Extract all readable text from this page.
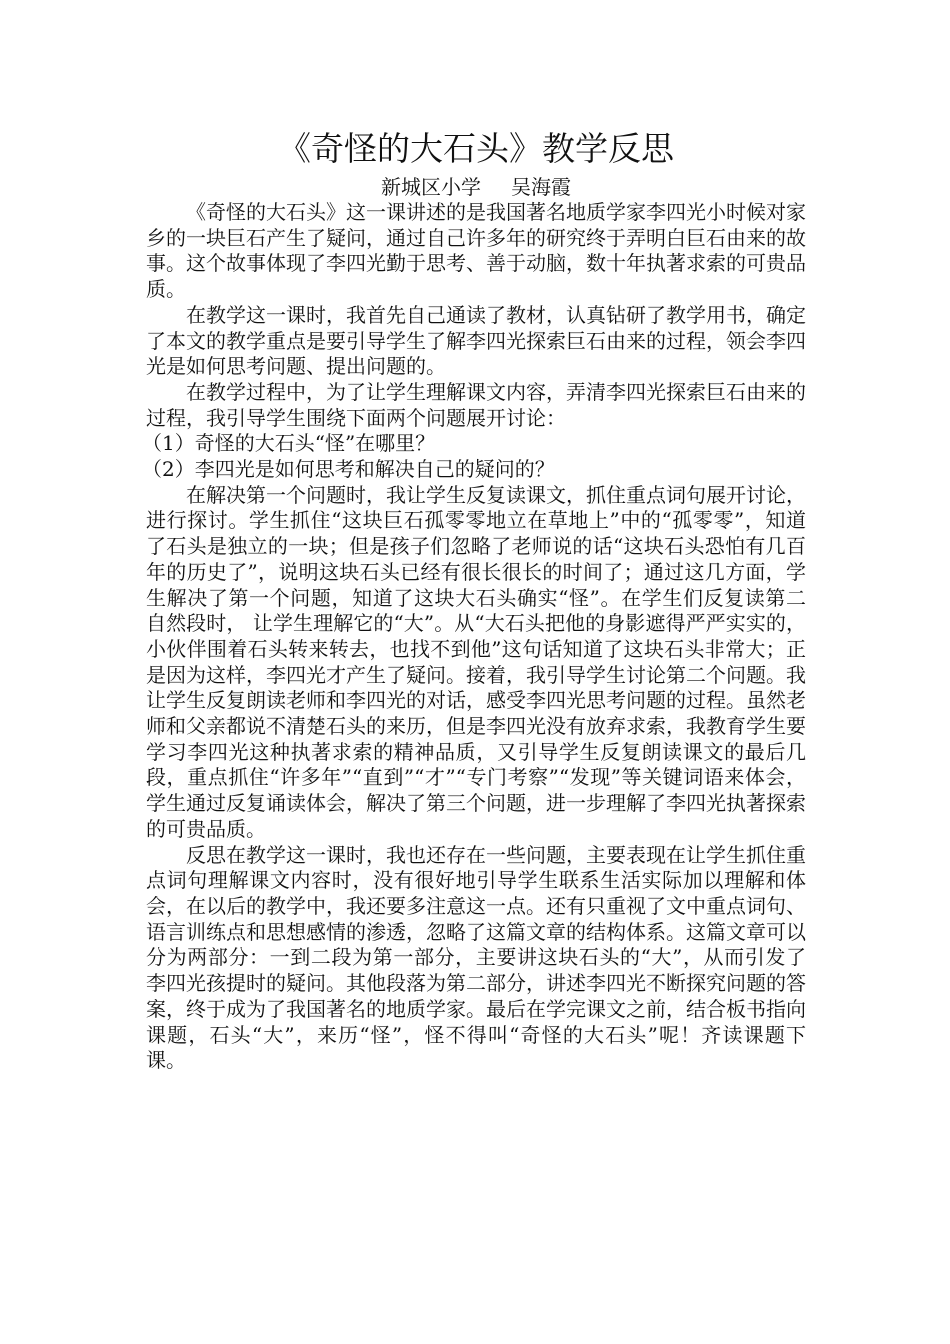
《奇怪的大石头》教学反思

新城区小学 吴海霞

《奇怪的大石头》这一课讲述的是我国著名地质学家李四光小时候对家乡的一块巨石产生了疑问，通过自己许多年的研究终于弄明白巨石由来的故事。这个故事体现了李四光勤于思考、善于动脑，数十年执著求索的可贵品质。

在教学这一课时，我首先自己通读了教材，认真钻研了教学用书，确定了本文的教学重点是要引导学生了解李四光探索巨石由来的过程，领会李四光是如何思考问题、提出问题的。

在教学过程中，为了让学生理解课文内容，弄清李四光探索巨石由来的过程，我引导学生围绕下面两个问题展开讨论：

（1）奇怪的大石头“怪”在哪里？

（2）李四光是如何思考和解决自己的疑问的？

在解决第一个问题时，我让学生反复读课文，抓住重点词句展开讨论，进行探讨。学生抓住“这块巨石孤零零地立在草地上”中的“孤零零”，知道了石头是独立的一块；但是孩子们忽略了老师说的话“这块石头恐怕有几百年的历史了”，说明这块石头已经有很长很长的时间了；通过这几方面，学生解决了第一个问题，知道了这块大石头确实“怪”。在学生们反复读第二自然段时， 让学生理解它的“大”。从“大石头把他的身影遮得严严实实的，小伙伴围着石头转来转去，也找不到他”这句话知道了这块石头非常大；正是因为这样，李四光才产生了疑问。接着，我引导学生讨论第二个问题。我让学生反复朗读老师和李四光的对话，感受李四光思考问题的过程。虽然老师和父亲都说不清楚石头的来历，但是李四光没有放弃求索，我教育学生要学习李四光这种执著求索的精神品质，又引导学生反复朗读课文的最后几段，重点抓住“许多年”“直到”“才”“专门考察”“发现”等关键词语来体会，学生通过反复诵读体会，解决了第三个问题，进一步理解了李四光执著探索的可贵品质。

反思在教学这一课时，我也还存在一些问题，主要表现在让学生抓住重点词句理解课文内容时，没有很好地引导学生联系生活实际加以理解和体会，在以后的教学中，我还要多注意这一点。还有只重视了文中重点词句、语言训练点和思想感情的渗透，忽略了这篇文章的结构体系。这篇文章可以分为两部分：一到二段为第一部分，主要讲这块石头的“大”，从而引发了李四光孩提时的疑问。其他段落为第二部分，讲述李四光不断探究问题的答案，终于成为了我国著名的地质学家。最后在学完课文之前，结合板书指向课题，石头“大”，来历“怪”，怪不得叫“奇怪的大石头”呢！齐读课题下课。
